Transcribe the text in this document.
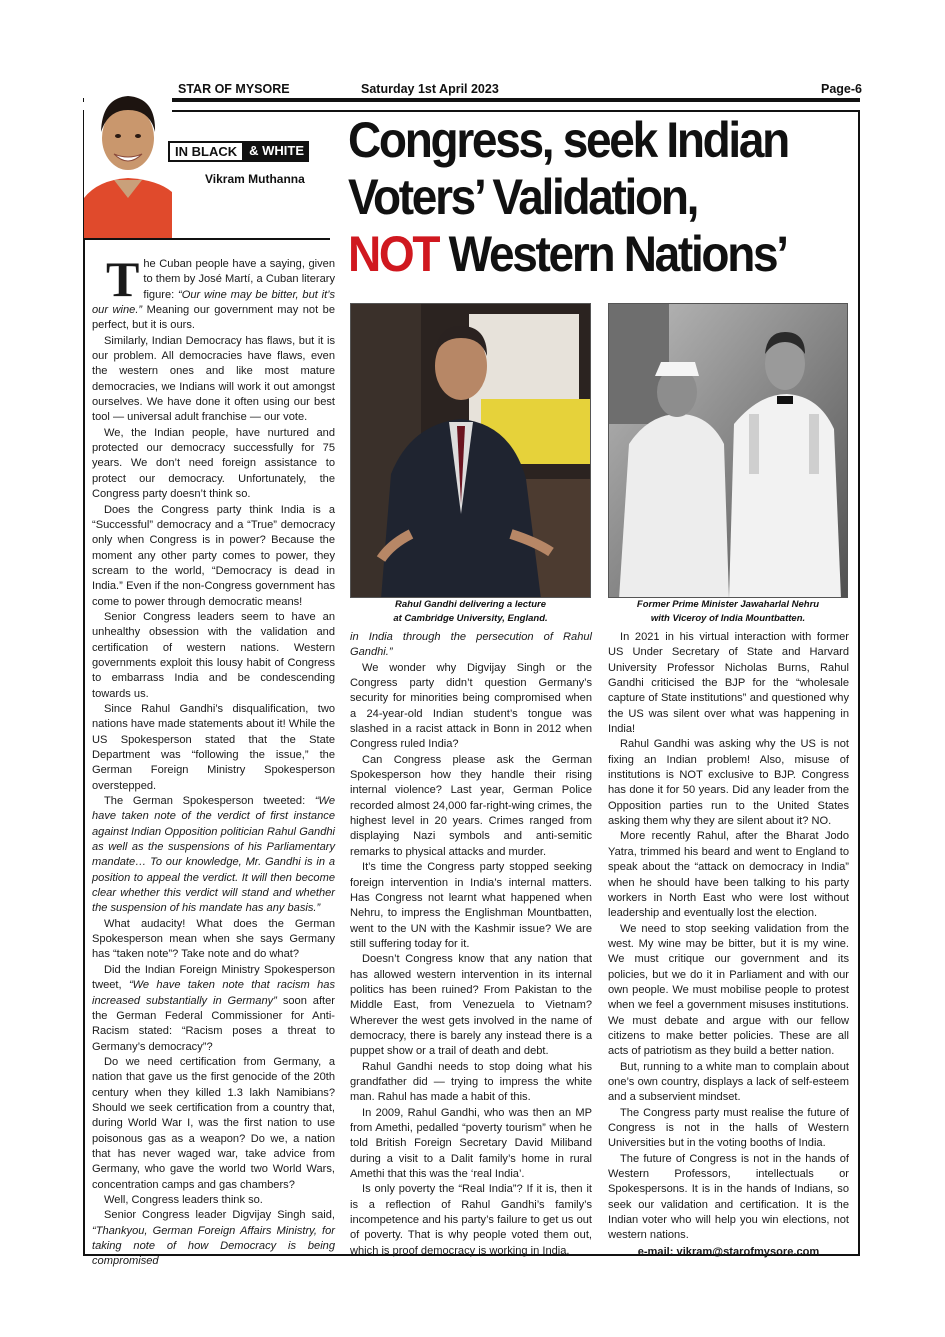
STAR OF MYSORE	Saturday 1st April 2023	Page-6
IN BLACK & WHITE
Vikram Muthanna
Congress, seek Indian
Voters’ Validation,
NOT Western Nations’
Rahul Gandhi delivering a lecture
at Cambridge University, England.
Former Prime Minister Jawaharlal Nehru
with Viceroy of India Mountbatten.

The Cuban people have a saying, given to them by José Martí, a Cuban literary figure: “Our wine may be bitter, but it’s our wine.” Meaning our government may not be perfect, but it is ours.

Similarly, Indian Democracy has flaws, but it is our problem. All democracies have flaws, even the western ones and like most mature democracies, we Indians will work it out amongst ourselves. We have done it often using our best tool — universal adult franchise — our vote.

We, the Indian people, have nurtured and protected our democracy successfully for 75 years. We don’t need foreign assistance to protect our democracy. Unfortunately, the Congress party doesn’t think so.

Does the Congress party think India is a “Successful” democracy and a “True” democracy only when Congress is in power? Because the moment any other party comes to power, they scream to the world, “Democracy is dead in India.” Even if the non-Congress government has come to power through democratic means!

Senior Congress leaders seem to have an unhealthy obsession with the validation and certification of western nations. Western governments exploit this lousy habit of Congress to embarrass India and be condescending towards us.

Since Rahul Gandhi’s disqualification, two nations have made statements about it! While the US Spokesperson stated that the State Department was “following the issue,” the German Foreign Ministry Spokesperson overstepped.

The German Spokesperson tweeted: “We have taken note of the verdict of first instance against Indian Opposition politician Rahul Gandhi as well as the suspensions of his Parliamentary mandate… To our knowledge, Mr. Gandhi is in a position to appeal the verdict. It will then become clear whether this verdict will stand and whether the suspension of his mandate has any basis.”

What audacity! What does the German Spokesperson mean when she says Germany has “taken note”? Take note and do what?

Did the Indian Foreign Ministry Spokesperson tweet, “We have taken note that racism has increased substantially in Germany” soon after the German Federal Commissioner for Anti-Racism stated: “Racism poses a threat to Germany’s democracy”?

Do we need certification from Germany, a nation that gave us the first genocide of the 20th century when they killed 1.3 lakh Namibians? Should we seek certification from a country that, during World War I, was the first nation to use poisonous gas as a weapon? Do we, a nation that has never waged war, take advice from Germany, who gave the world two World Wars, concentration camps and gas chambers?

Well, Congress leaders think so.

Senior Congress leader Digvijay Singh said, “Thankyou, German Foreign Affairs Ministry, for taking note of how Democracy is being compromised

in India through the persecution of Rahul Gandhi.”

We wonder why Digvijay Singh or the Congress party didn’t question Germany’s security for minorities being compromised when a 24-year-old Indian student’s tongue was slashed in a racist attack in Bonn in 2012 when Congress ruled India?

Can Congress please ask the German Spokesperson how they handle their rising internal violence? Last year, German Police recorded almost 24,000 far-right-wing crimes, the highest level in 20 years. Crimes ranged from displaying Nazi symbols and anti-semitic remarks to physical attacks and murder.

It’s time the Congress party stopped seeking foreign intervention in India’s internal matters. Has Congress not learnt what happened when Nehru, to impress the Englishman Mountbatten, went to the UN with the Kashmir issue? We are still suffering today for it.

Doesn’t Congress know that any nation that has allowed western intervention in its internal politics has been ruined? From Pakistan to the Middle East, from Venezuela to Vietnam? Wherever the west gets involved in the name of democracy, there is barely any instead there is a puppet show or a trail of death and debt.

Rahul Gandhi needs to stop doing what his grandfather did — trying to impress the white man. Rahul has made a habit of this.

In 2009, Rahul Gandhi, who was then an MP from Amethi, pedalled “poverty tourism” when he told British Foreign Secretary David Miliband during a visit to a Dalit family’s home in rural Amethi that this was the ‘real India’.

Is only poverty the “Real India”? If it is, then it is a reflection of Rahul Gandhi’s family’s incompetence and his party’s failure to get us out of poverty. That is why people voted them out, which is proof democracy is working in India.

In 2021 in his virtual interaction with former US Under Secretary of State and Harvard University Professor Nicholas Burns, Rahul Gandhi criticised the BJP for the “wholesale capture of State institutions” and questioned why the US was silent over what was happening in India!

Rahul Gandhi was asking why the US is not fixing an Indian problem! Also, misuse of institutions is NOT exclusive to BJP. Congress has done it for 50 years. Did any leader from the Opposition parties run to the United States asking them why they are silent about it? NO.

More recently Rahul, after the Bharat Jodo Yatra, trimmed his beard and went to England to speak about the “attack on democracy in India” when he should have been talking to his party workers in North East who were lost without leadership and eventually lost the election.

We need to stop seeking validation from the west. My wine may be bitter, but it is my wine. We must critique our government and its policies, but we do it in Parliament and with our own people. We must mobilise people to protest when we feel a government misuses institutions. We must debate and argue with our fellow citizens to make better policies. These are all acts of patriotism as they build a better nation.

But, running to a white man to complain about one’s own country, displays a lack of self-esteem and a subservient mindset.

The Congress party must realise the future of Congress is not in the halls of Western Universities but in the voting booths of India.

The future of Congress is not in the hands of Western Professors, intellectuals or Spokespersons. It is in the hands of Indians, so seek our validation and certification. It is the Indian voter who will help you win elections, not western nations.

e-mail: vikram@starofmysore.com
